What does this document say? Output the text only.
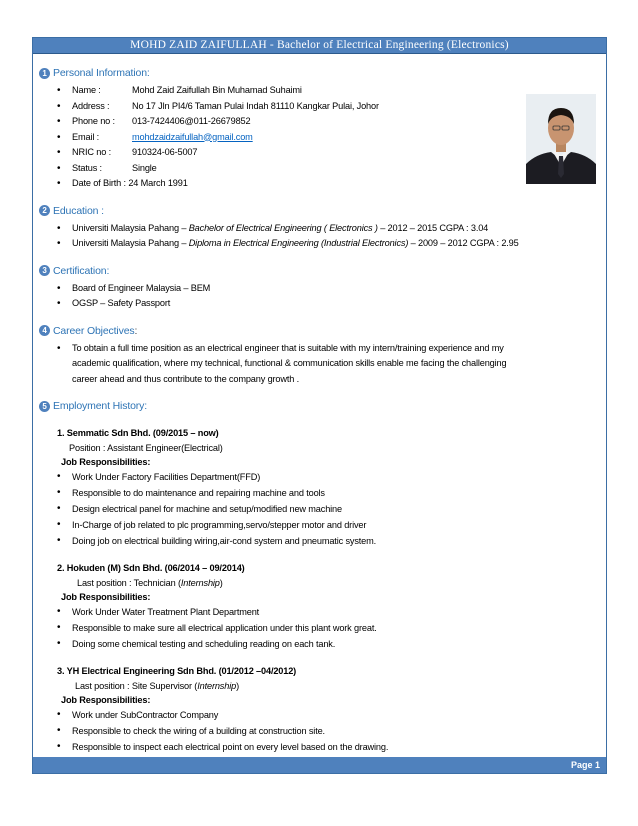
MOHD ZAID ZAIFULLAH - Bachelor of Electrical Engineering (Electronics)
1 Personal Information:
• Name :	Mohd Zaid Zaifullah Bin Muhamad Suhaimi
• Address : No 17 Jln PI4/6 Taman Pulai Indah 81110 Kangkar Pulai, Johor
• Phone no : 013-7424406@011-26679852
• Email :	mohdzaidzaifullah@gmail.com
• NRIC no : 910324-06-5007
• Status :	Single
• Date of Birth : 24 March 1991
2 Education :
• Universiti Malaysia Pahang – Bachelor of Electrical Engineering ( Electronics ) – 2012 – 2015 CGPA : 3.04
• Universiti Malaysia Pahang – Diploma in Electrical Engineering (Industrial Electronics) – 2009 – 2012 CGPA : 2.95
3 Certification:
• Board of Engineer Malaysia – BEM
• OGSP – Safety Passport
4 Career Objectives :
• To obtain a full time position as an electrical engineer that is suitable with my intern/training experience and my
academic qualification, where my technical, functional & communication skills enable me facing the challenging
career ahead and thus contribute to the company growth .
5 Employment History:
1. Semmatic Sdn Bhd. (09/2015 – now)
Position : Assistant Engineer(Electrical)
Job Responsibilities:
• Work Under Factory Facilities Department(FFD)
• Responsible to do maintenance and repairing machine and tools
• Design electrical panel for machine and setup/modified new machine
• In-Charge of job related to plc programming,servo/stepper motor and driver
• Doing job on electrical building wiring,air-cond system and pneumatic system.
2. Hokuden (M) Sdn Bhd. (06/2014 – 09/2014)
Last position : Technician (Internship)
Job Responsibilities:
• Work Under Water Treatment Plant Department
• Responsible to make sure all electrical application under this plant work great.
• Doing some chemical testing and scheduling reading on each tank.
3. YH Electrical Engineering Sdn Bhd. (01/2012 –04/2012)
Last position : Site Supervisor (Internship)
Job Responsibilities:
• Work under SubContractor Company
• Responsible to check the wiring of a building at construction site.
• Responsible to inspect each electrical point on every level based on the drawing.
Page 1
